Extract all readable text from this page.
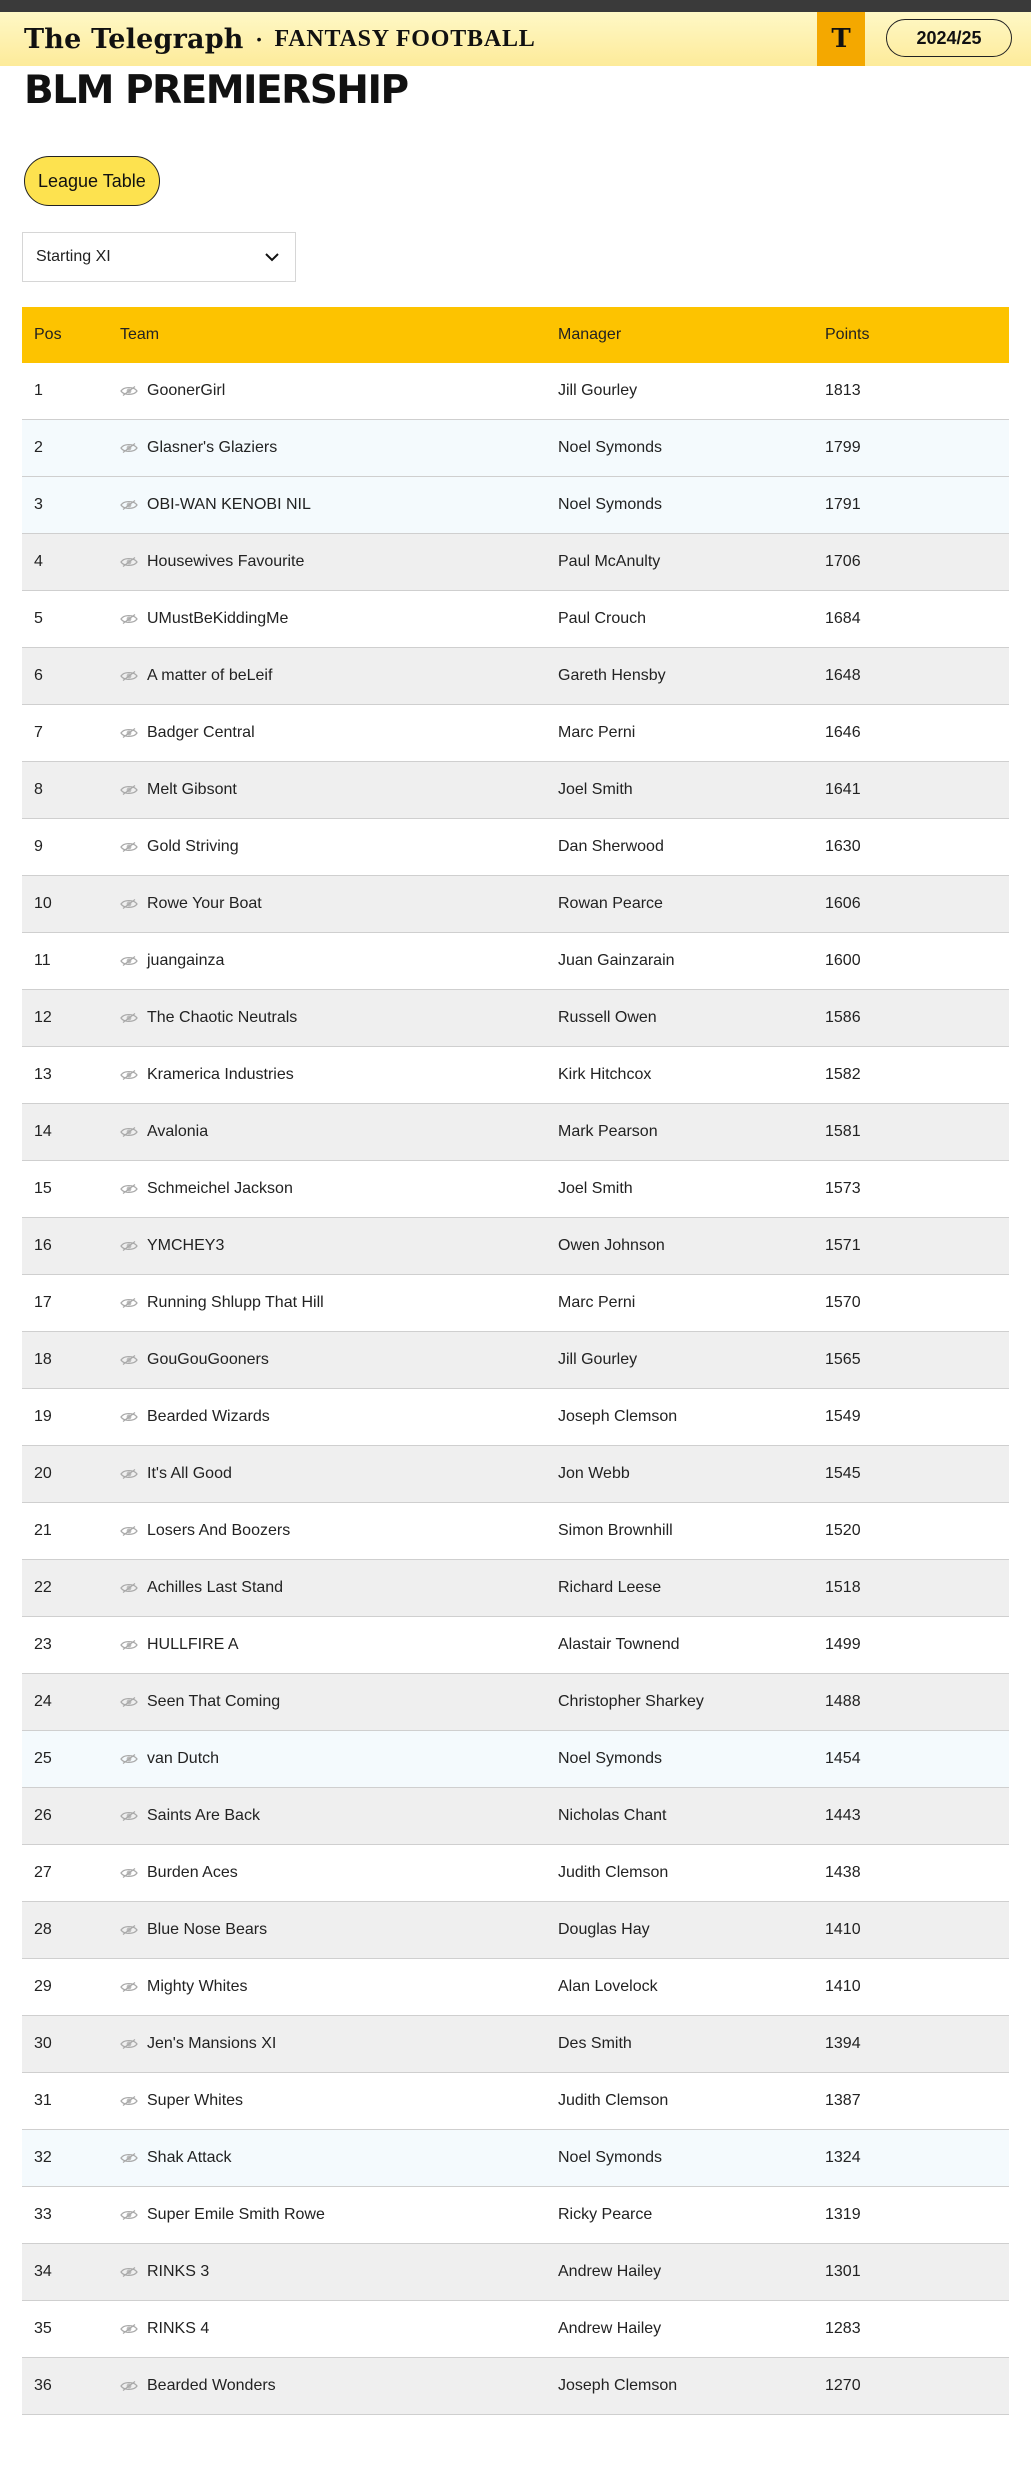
The Telegraph • FANTASY FOOTBALL	T	2024/25
BLM PREMIERSHIP
League Table
Starting XI
Pos	Team	Manager	Points
1	GoonerGirl	Jill Gourley	1813
2	Glasner's Glaziers	Noel Symonds	1799
3	OBI-WAN KENOBI NIL	Noel Symonds	1791
4	Housewives Favourite	Paul McAnulty	1706
5	UMustBeKiddingMe	Paul Crouch	1684
6	A matter of beLeif	Gareth Hensby	1648
7	Badger Central	Marc Perni	1646
8	Melt Gibsont	Joel Smith	1641
9	Gold Striving	Dan Sherwood	1630
10	Rowe Your Boat	Rowan Pearce	1606
11	juangainza	Juan Gainzarain	1600
12	The Chaotic Neutrals	Russell Owen	1586
13	Kramerica Industries	Kirk Hitchcox	1582
14	Avalonia	Mark Pearson	1581
15	Schmeichel Jackson	Joel Smith	1573
16	YMCHEY3	Owen Johnson	1571
17	Running Shlupp That Hill	Marc Perni	1570
18	GouGouGooners	Jill Gourley	1565
19	Bearded Wizards	Joseph Clemson	1549
20	It's All Good	Jon Webb	1545
21	Losers And Boozers	Simon Brownhill	1520
22	Achilles Last Stand	Richard Leese	1518
23	HULLFIRE A	Alastair Townend	1499
24	Seen That Coming	Christopher Sharkey	1488
25	van Dutch	Noel Symonds	1454
26	Saints Are Back	Nicholas Chant	1443
27	Burden Aces	Judith Clemson	1438
28	Blue Nose Bears	Douglas Hay	1410
29	Mighty Whites	Alan Lovelock	1410
30	Jen's Mansions XI	Des Smith	1394
31	Super Whites	Judith Clemson	1387
32	Shak Attack	Noel Symonds	1324
33	Super Emile Smith Rowe	Ricky Pearce	1319
34	RINKS 3	Andrew Hailey	1301
35	RINKS 4	Andrew Hailey	1283
36	Bearded Wonders	Joseph Clemson	1270
